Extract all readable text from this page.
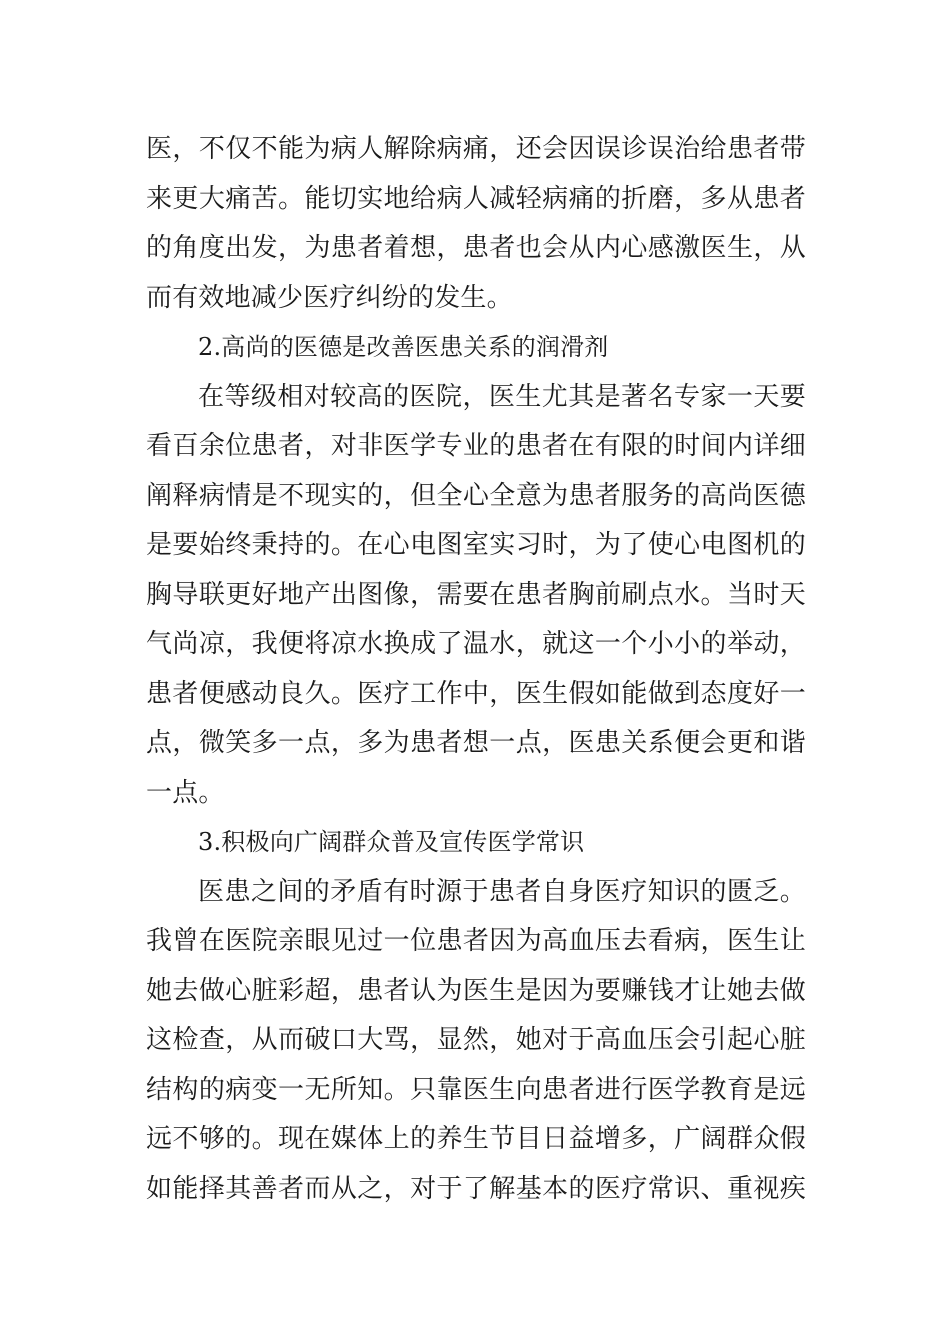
医，不仅不能为病人解除病痛，还会因误诊误治给患者带
来更大痛苦。能切实地给病人减轻病痛的折磨，多从患者
的角度出发，为患者着想，患者也会从内心感激医生，从
而有效地减少医疗纠纷的发生。
2.高尚的医德是改善医患关系的润滑剂
在等级相对较高的医院，医生尤其是著名专家一天要
看百余位患者，对非医学专业的患者在有限的时间内详细
阐释病情是不现实的，但全心全意为患者服务的高尚医德
是要始终秉持的。在心电图室实习时，为了使心电图机的
胸导联更好地产出图像，需要在患者胸前刷点水。当时天
气尚凉，我便将凉水换成了温水，就这一个小小的举动，
患者便感动良久。医疗工作中，医生假如能做到态度好一
点，微笑多一点，多为患者想一点，医患关系便会更和谐
一点。
3.积极向广阔群众普及宣传医学常识
医患之间的矛盾有时源于患者自身医疗知识的匮乏。
我曾在医院亲眼见过一位患者因为高血压去看病，医生让
她去做心脏彩超，患者认为医生是因为要赚钱才让她去做
这检查，从而破口大骂，显然，她对于高血压会引起心脏
结构的病变一无所知。只靠医生向患者进行医学教育是远
远不够的。现在媒体上的养生节目日益增多，广阔群众假
如能择其善者而从之，对于了解基本的医疗常识、重视疾
